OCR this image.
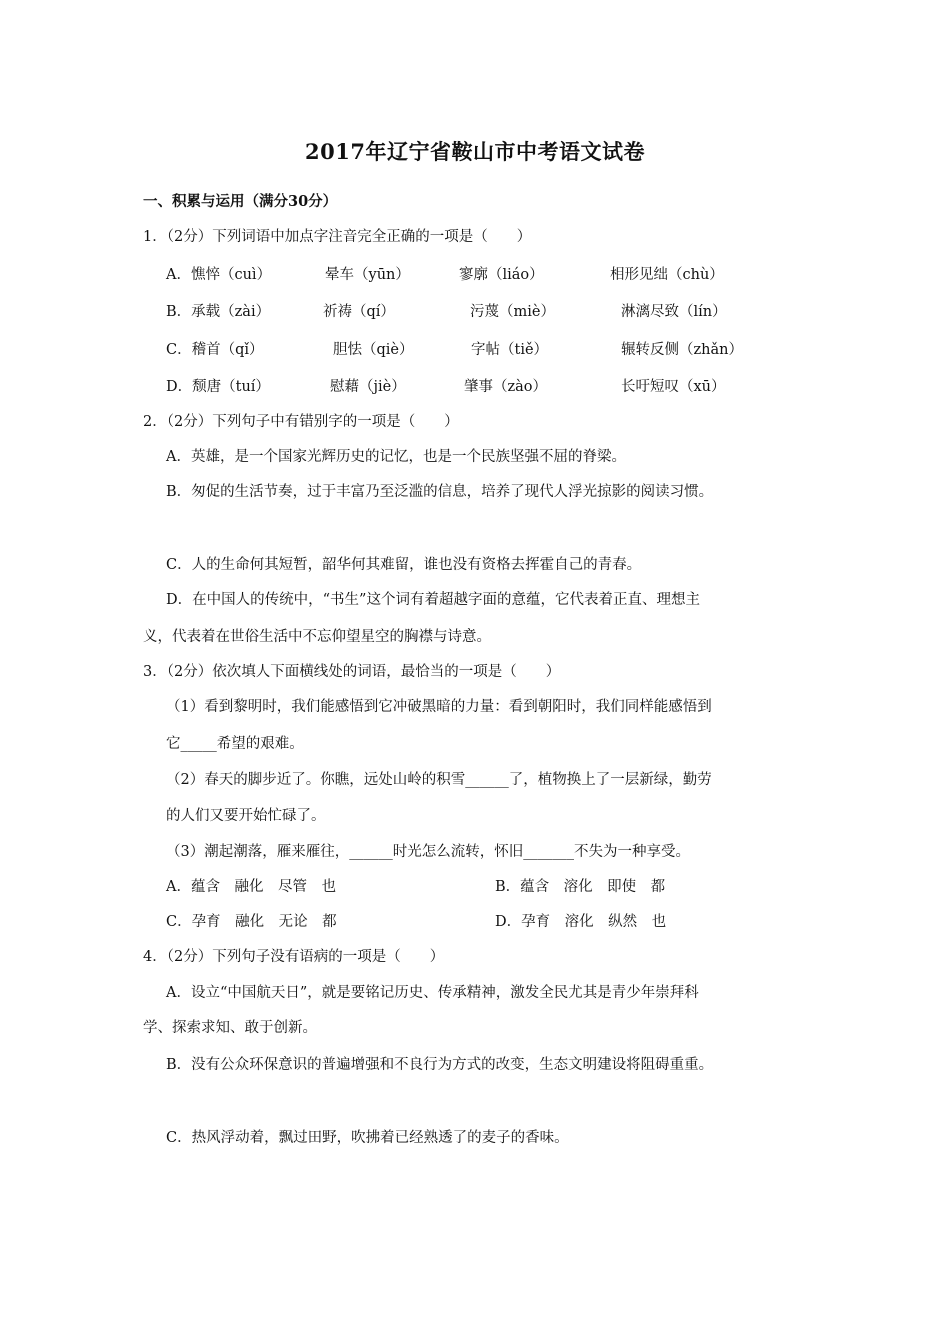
2017年辽宁省鞍山市中考语文试卷
一、积累与运用（满分30分）
1．（2分）下列词语中加点字注音完全正确的一项是（　　）
A．憔悴（cuì）	晕车（yūn）	寥廓（liáo）	相形见绌（chù）
B．承载（zài）	祈祷（qí）	污蔑（miè）	淋漓尽致（lín）
C．稽首（qǐ）	胆怯（qiè）	字帖（tiě）	辗转反侧（zhǎn）
D．颓唐（tuí）	慰藉（jiè）	肇事（zào）	长吁短叹（xū）
2．（2分）下列句子中有错别字的一项是（　　）
A．英雄，是一个国家光辉历史的记忆，也是一个民族坚强不屈的脊梁。
B．匆促的生活节奏，过于丰富乃至泛滥的信息，培养了现代人浮光掠影的阅读习惯。
C．人的生命何其短暂，韶华何其难留，谁也没有资格去挥霍自己的青春。
D．在中国人的传统中，“书生”这个词有着超越字面的意蕴，它代表着正直、理想主
义，代表着在世俗生活中不忘仰望星空的胸襟与诗意。
3．（2分）依次填人下面横线处的词语，最恰当的一项是（　　）
（1）看到黎明时，我们能感悟到它冲破黑暗的力量：看到朝阳时，我们同样能感悟到
它_____希望的艰难。
（2）春天的脚步近了。你瞧，远处山岭的积雪______了，植物换上了一层新绿，勤劳
的人们又要开始忙碌了。
（3）潮起潮落，雁来雁往，______时光怎么流转，怀旧_______不失为一种享受。
A．蕴含　融化　尽管　也	B．蕴含　溶化　即使　都
C．孕育　融化　无论　都	D．孕育　溶化　纵然　也
4．（2分）下列句子没有语病的一项是（　　）
A．设立“中国航天日”，就是要铭记历史、传承精神，激发全民尤其是青少年崇拜科
学、探索求知、敢于创新。
B．没有公众环保意识的普遍增强和不良行为方式的改变，生态文明建设将阻碍重重。
C．热风浮动着，飘过田野，吹拂着已经熟透了的麦子的香味。
